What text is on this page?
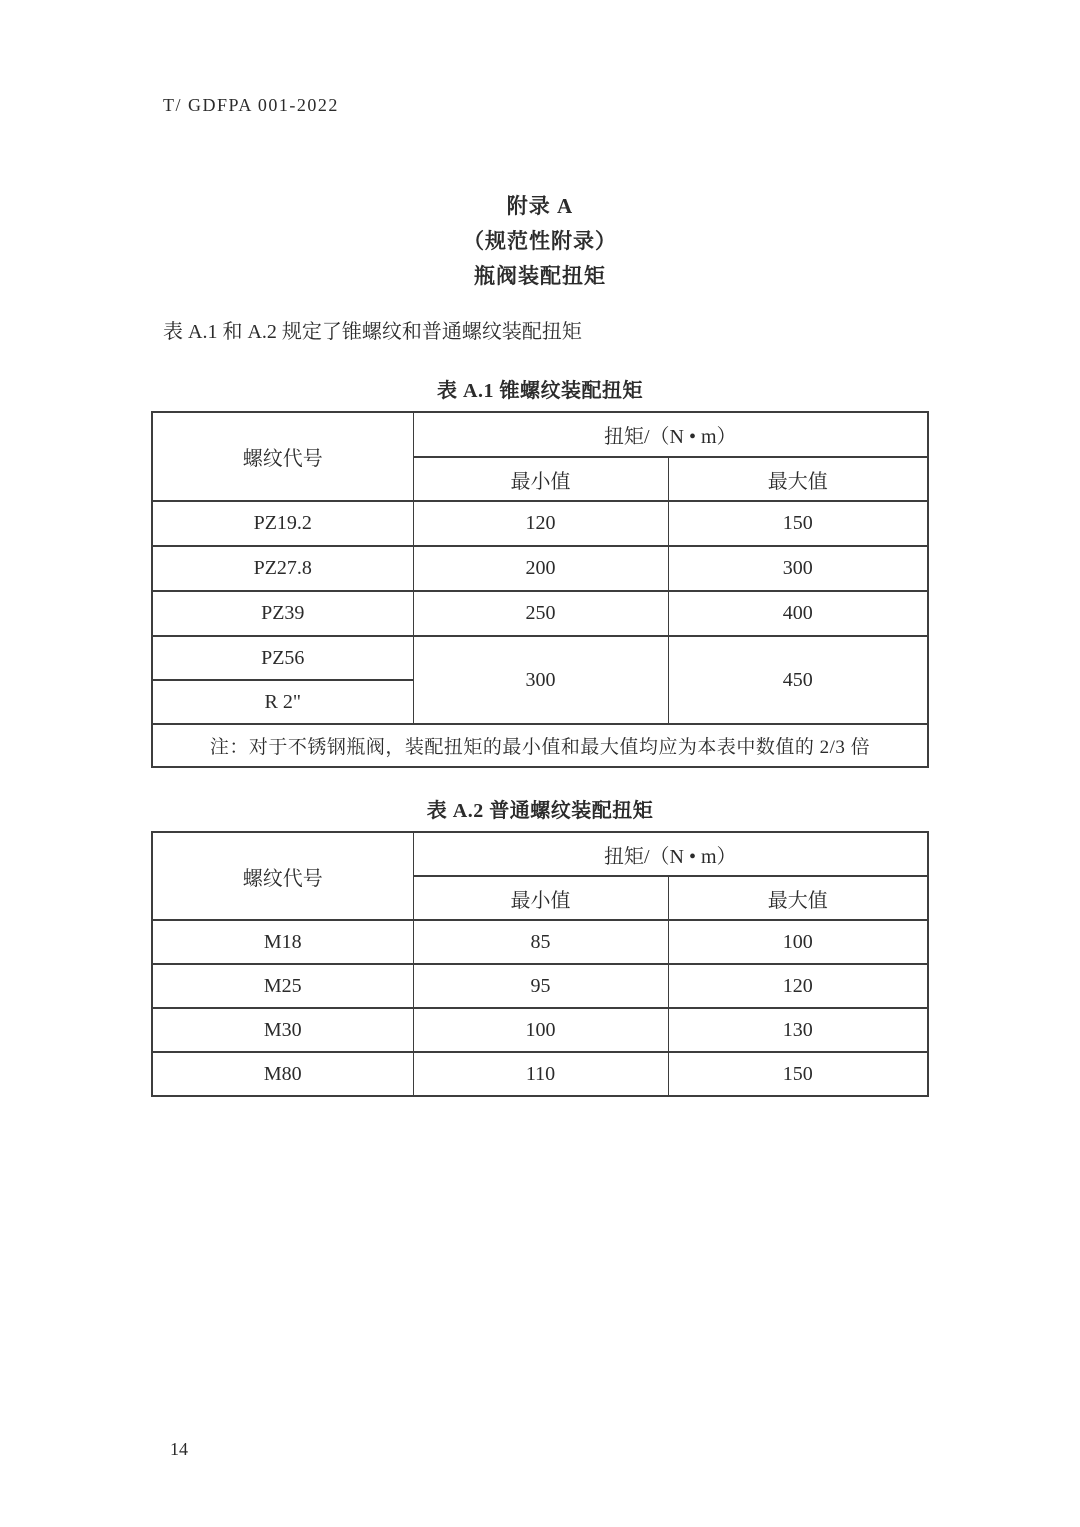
T/ GDFPA 001-2022
附录 A
（规范性附录）
瓶阀装配扭矩
表 A.1 和 A.2 规定了锥螺纹和普通螺纹装配扭矩
表 A.1 锥螺纹装配扭矩
螺纹代号	扭矩/（N • m）	
	最小值	最大值
PZ19.2	120	150
PZ27.8	200	300
PZ39	250	400
PZ56	300	450
R 2"		
注：对于不锈钢瓶阀，装配扭矩的最小值和最大值均应为本表中数值的 2/3 倍		
表 A.2 普通螺纹装配扭矩
螺纹代号	扭矩/（N • m）	
	最小值	最大值
M18	85	100
M25	95	120
M30	100	130
M80	110	150
14
